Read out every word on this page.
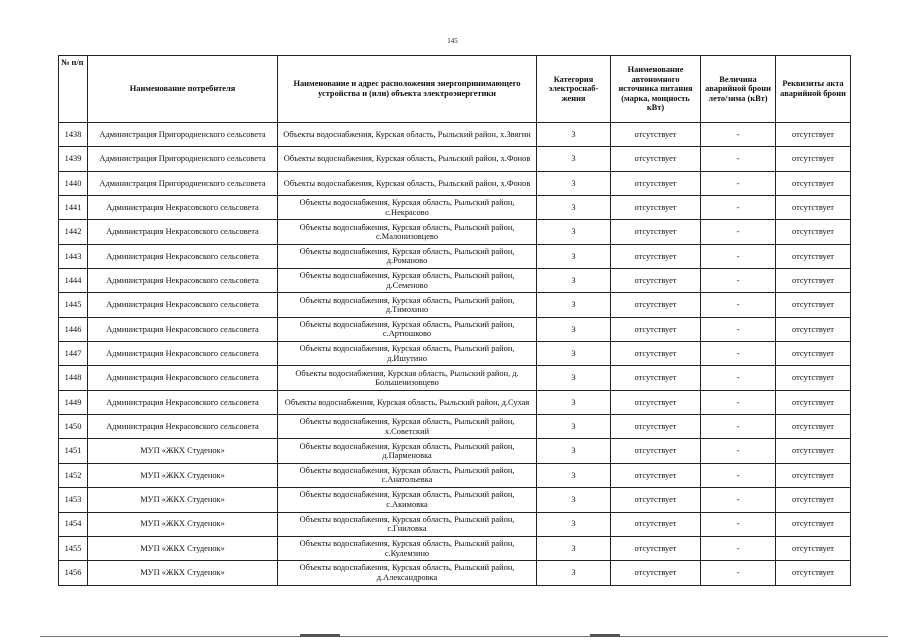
145
№ п/п	Наименование потребителя	Наименование и адрес расположения энергопринимающего устройства и (или) объекта электроэнергетики	Категория электроснаб-жения	Наименование автономного источника питания (марка, мощность кВт)	Величина аварийной брони лето/зима (кВт)	Реквизиты акта аварийной брони
1438	Администрация Пригородненского сельсовета	Объекты водоснабжения, Курская область, Рыльский район, х.Звягин	3	отсутствует	-	отсутствует
1439	Администрация Пригородненского сельсовета	Объекты водоснабжения, Курская область, Рыльский район, х.Фонов	3	отсутствует	-	отсутствует
1440	Администрация Пригородненского сельсовета	Объекты водоснабжения, Курская область, Рыльский район, х.Фонов	3	отсутствует	-	отсутствует
1441	Администрация Некрасовского сельсовета	Объекты водоснабжения, Курская область, Рыльский район, с.Некрасово	3	отсутствует	-	отсутствует
1442	Администрация Некрасовского сельсовета	Объекты водоснабжения, Курская область, Рыльский район, с.Малонизовцево	3	отсутствует	-	отсутствует
1443	Администрация Некрасовского сельсовета	Объекты водоснабжения, Курская область, Рыльский район, д.Романово	3	отсутствует	-	отсутствует
1444	Администрация Некрасовского сельсовета	Объекты водоснабжения, Курская область, Рыльский район, д.Семеново	3	отсутствует	-	отсутствует
1445	Администрация Некрасовского сельсовета	Объекты водоснабжения, Курская область, Рыльский район, д.Тимохино	3	отсутствует	-	отсутствует
1446	Администрация Некрасовского сельсовета	Объекты водоснабжения, Курская область, Рыльский район, с.Артюшково	3	отсутствует	-	отсутствует
1447	Администрация Некрасовского сельсовета	Объекты водоснабжения, Курская область, Рыльский район, д.Ишутино	3	отсутствует	-	отсутствует
1448	Администрация Некрасовского сельсовета	Объекты водоснабжения, Курская область, Рыльский район, д. Большенизовцево	3	отсутствует	-	отсутствует
1449	Администрация Некрасовского сельсовета	Объекты водоснабжения, Курская область, Рыльский район, д.Сухая	3	отсутствует	-	отсутствует
1450	Администрация Некрасовского сельсовета	Объекты водоснабжения, Курская область, Рыльский район, х.Советский	3	отсутствует	-	отсутствует
1451	МУП «ЖКХ Студенок»	Объекты водоснабжения, Курская область, Рыльский район, д.Парменовка	3	отсутствует	-	отсутствует
1452	МУП «ЖКХ Студенок»	Объекты водоснабжения, Курская область, Рыльский район, с.Анатольевка	3	отсутствует	-	отсутствует
1453	МУП «ЖКХ Студенок»	Объекты водоснабжения, Курская область, Рыльский район, с.Акимовка	3	отсутствует	-	отсутствует
1454	МУП «ЖКХ Студенок»	Объекты водоснабжения, Курская область, Рыльский район, с.Гниловка	3	отсутствует	-	отсутствует
1455	МУП «ЖКХ Студенок»	Объекты водоснабжения, Курская область, Рыльский район, с.Кулемзино	3	отсутствует	-	отсутствует
1456	МУП «ЖКХ Студенок»	Объекты водоснабжения, Курская область, Рыльский район, д.Александровка	3	отсутствует	-	отсутствует
